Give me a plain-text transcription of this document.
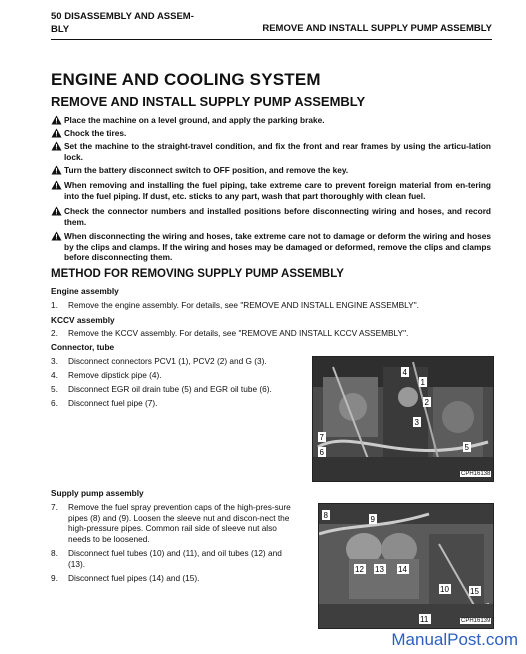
50 DISASSEMBLY AND ASSEM-
BLY	REMOVE AND INSTALL SUPPLY PUMP ASSEMBLY
ENGINE AND COOLING SYSTEM
REMOVE AND INSTALL SUPPLY PUMP ASSEMBLY
Place the machine on a level ground, and apply the parking brake.
Chock the tires.
Set the machine to the straight-travel condition, and fix the front and rear frames by using the articu-lation lock.
Turn the battery disconnect switch to OFF position, and remove the key.
When removing and installing the fuel piping, take extreme care to prevent foreign material from en-tering into the fuel piping. If dust, etc. sticks to any part, wash that part thoroughly with clean fuel.
Check the connector numbers and installed positions before disconnecting wiring and hoses, and record them.
When disconnecting the wiring and hoses, take extreme care not to damage or deform the wiring and hoses by the clips and clamps. If the wiring and hoses may be damaged or deformed, remove the clips and clamps before disconnecting them.
METHOD FOR REMOVING SUPPLY PUMP ASSEMBLY
Engine assembly
1.	Remove the engine assembly. For details, see "REMOVE AND INSTALL ENGINE ASSEMBLY".
KCCV assembly
2.	Remove the KCCV assembly. For details, see "REMOVE AND INSTALL KCCV ASSEMBLY".
Connector, tube
3.	Disconnect connectors PCV1 (1), PCV2 (2) and G (3).
4.	Remove dipstick pipe (4).
5.	Disconnect EGR oil drain tube (5) and EGR oil tube (6).
6.	Disconnect fuel pipe (7).
Supply pump assembly
7.	Remove the fuel spray prevention caps of the high-pres-sure pipes (8) and (9). Loosen the sleeve nut and discon-nect the high-pressure pipes. Common rail side of sleeve nut also needs to be loosened.
8.	Disconnect fuel tubes (10) and (11), and oil tubes (12) and (13).
9.	Disconnect fuel pipes (14) and (15).
4
1
2
3
7
6
5
CPH16138
8	9
12 13 14
10	15
11	CPH16139
ManualPost.com
